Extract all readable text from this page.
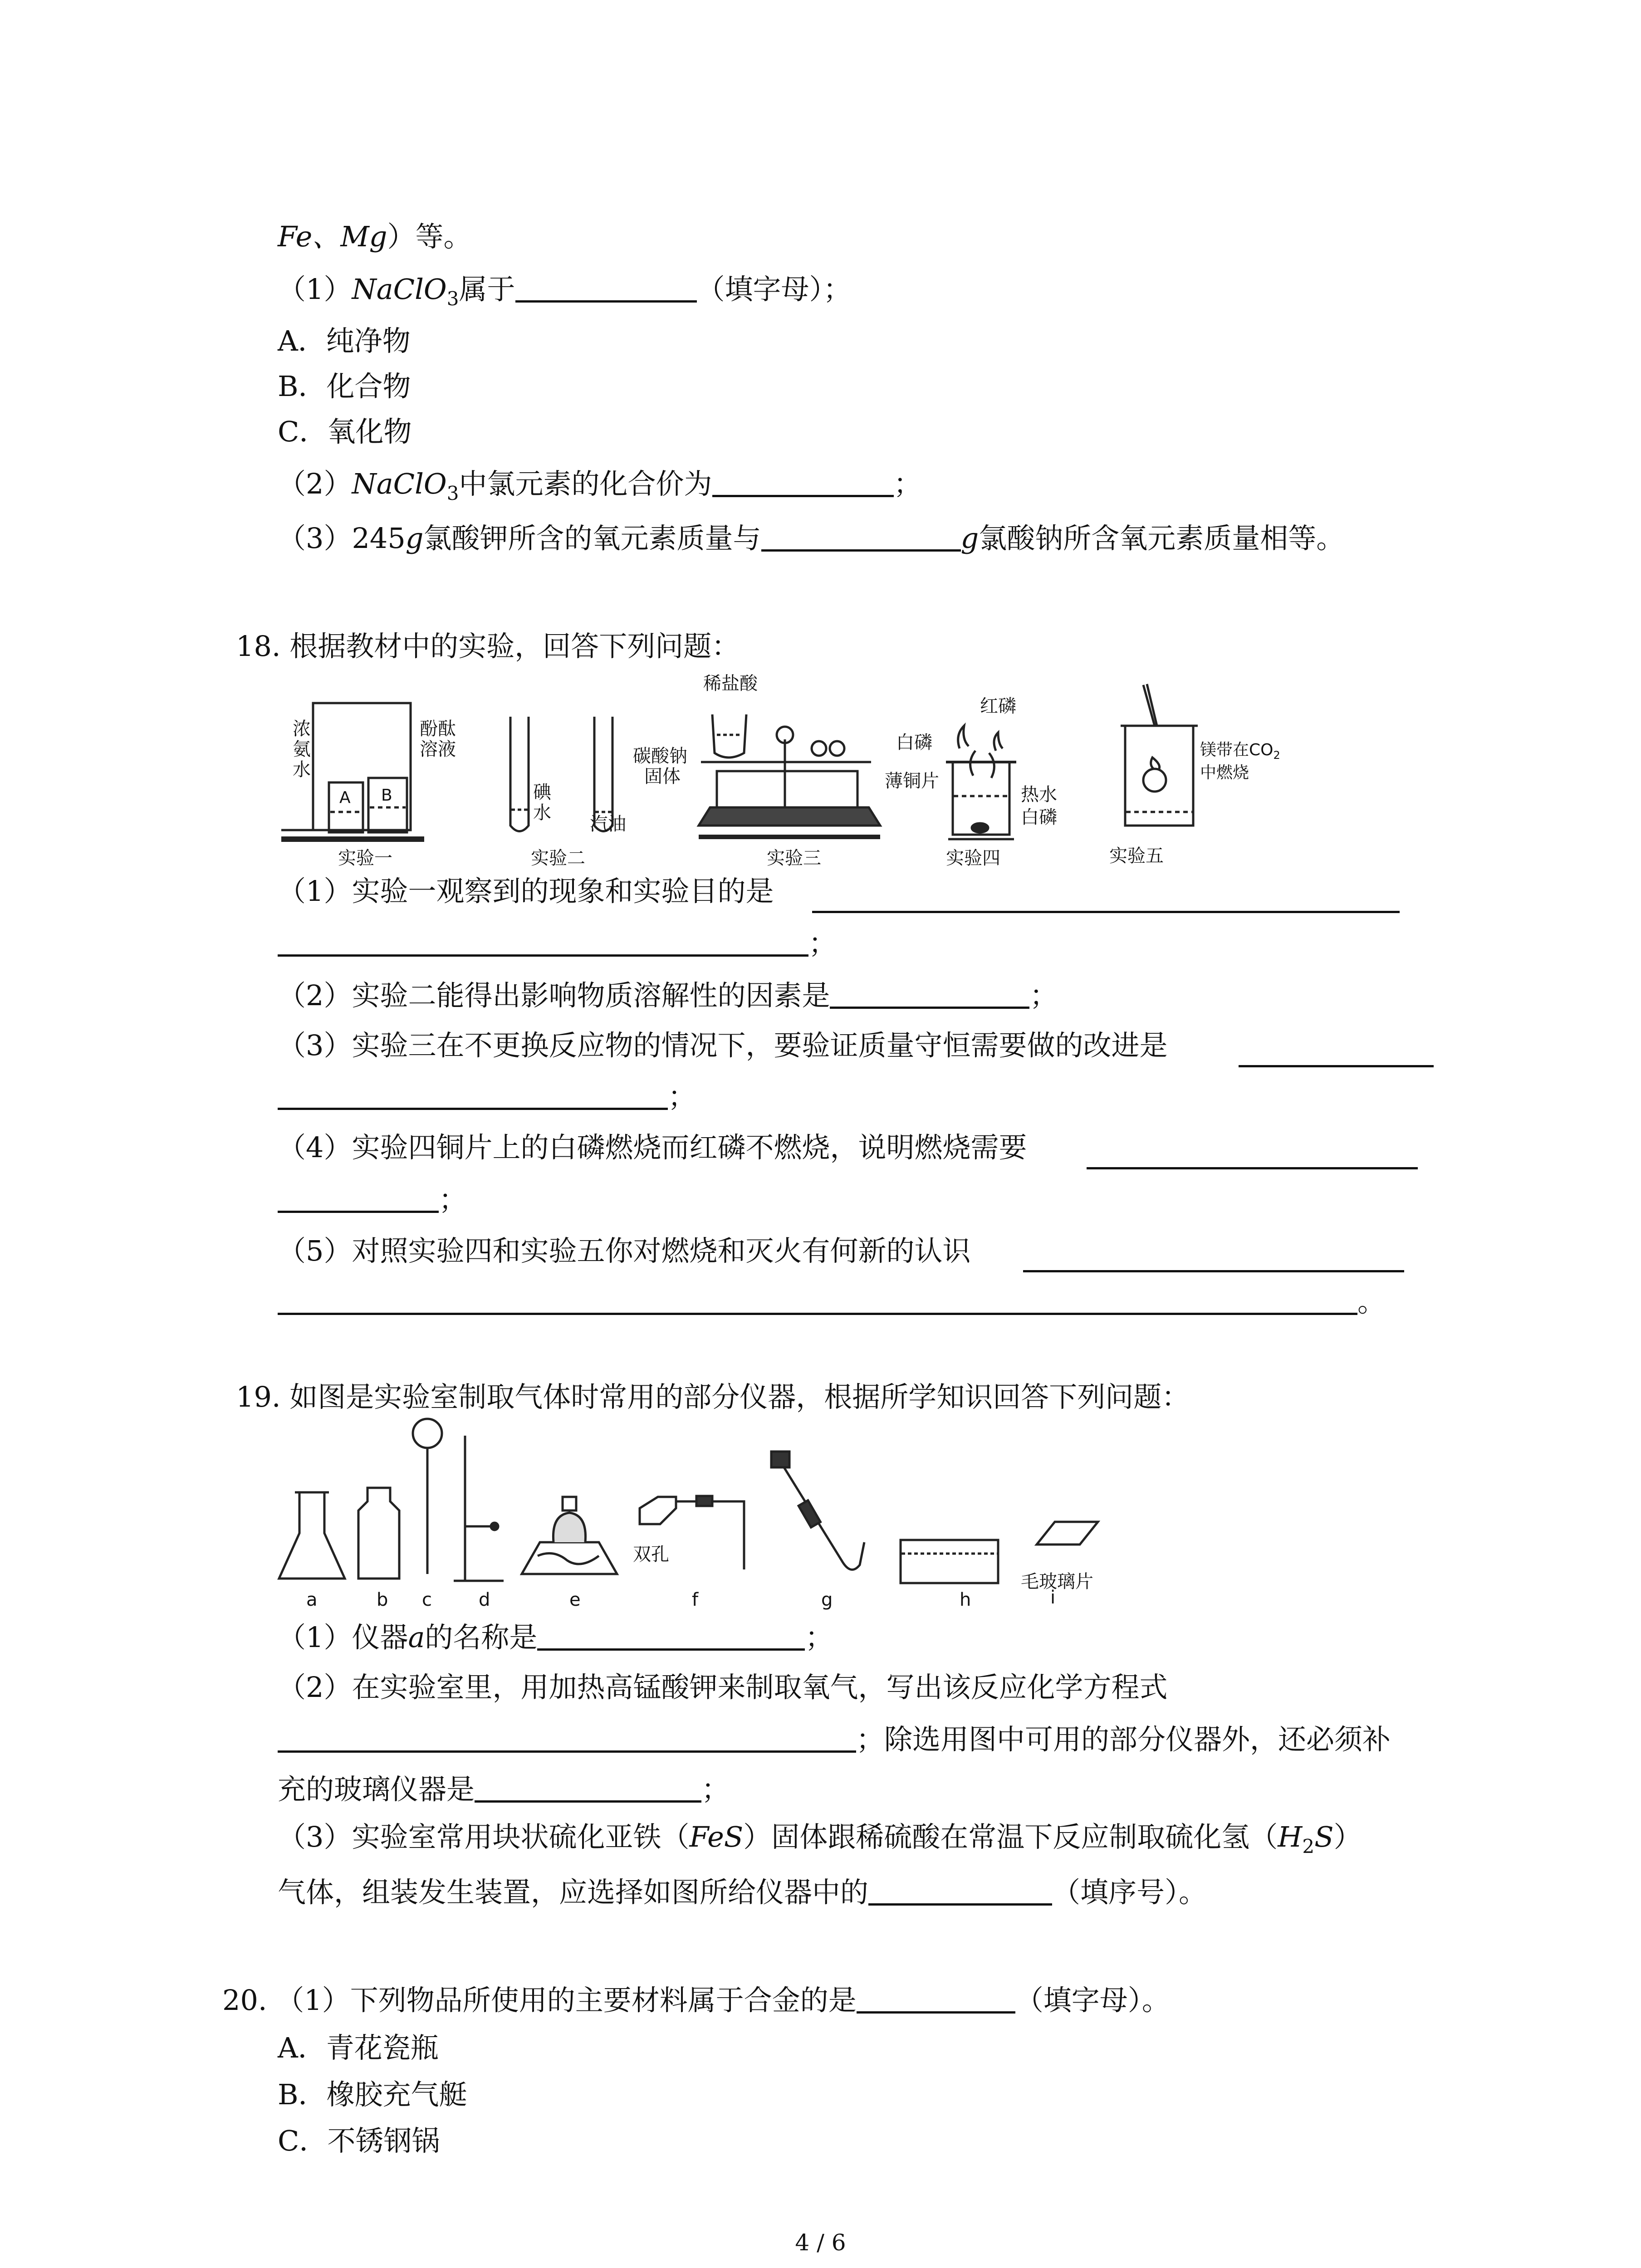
Fe、Mg）等。
（1）NaClO$_3$属于	（填字母）；
A．纯净物
B．化合物
C．氧化物
（2）NaClO$_3$中氯元素的化合价为	；
（3）245g氯酸钾所含的氧元素质量与	g氯酸钠所含氧元素质量相等。
18. 根据教材中的实验，回答下列问题：
浓
氨
水
酚酞
溶液
A B
实验一
碘
水
汽油
实验二
稀盐酸
碳酸钠
固体
实验三
红磷
白磷
薄铜片
热水
白磷
实验四
镁带在$CO_2$
中燃烧
实验五
（1）实验一观察到的现象和实验目的是
；
（2）实验二能得出影响物质溶解性的因素是	；
（3）实验三在不更换反应物的情况下，要验证质量守恒需要做的改进是
；
（4）实验四铜片上的白磷燃烧而红磷不燃烧，说明燃烧需要
；
（5）对照实验四和实验五你对燃烧和灭火有何新的认识
。
19. 如图是实验室制取气体时常用的部分仪器，根据所学知识回答下列问题：
a	b c	d	e	f	g	h	i
双孔
毛玻璃片
（1）仪器a的名称是	；
（2）在实验室里，用加热高锰酸钾来制取氧气，写出该反应化学方程式
；除选用图中可用的部分仪器外，还必须补
充的玻璃仪器是	；
（3）实验室常用块状硫化亚铁（FeS）固体跟稀硫酸在常温下反应制取硫化氢$(H_2S)$
气体，组装发生装置，应选择如图所给仪器中的	（填序号）。
20. （1）下列物品所使用的主要材料属于合金的是	（填字母）。
A．青花瓷瓶
B．橡胶充气艇
C．不锈钢锅
4 / 6
